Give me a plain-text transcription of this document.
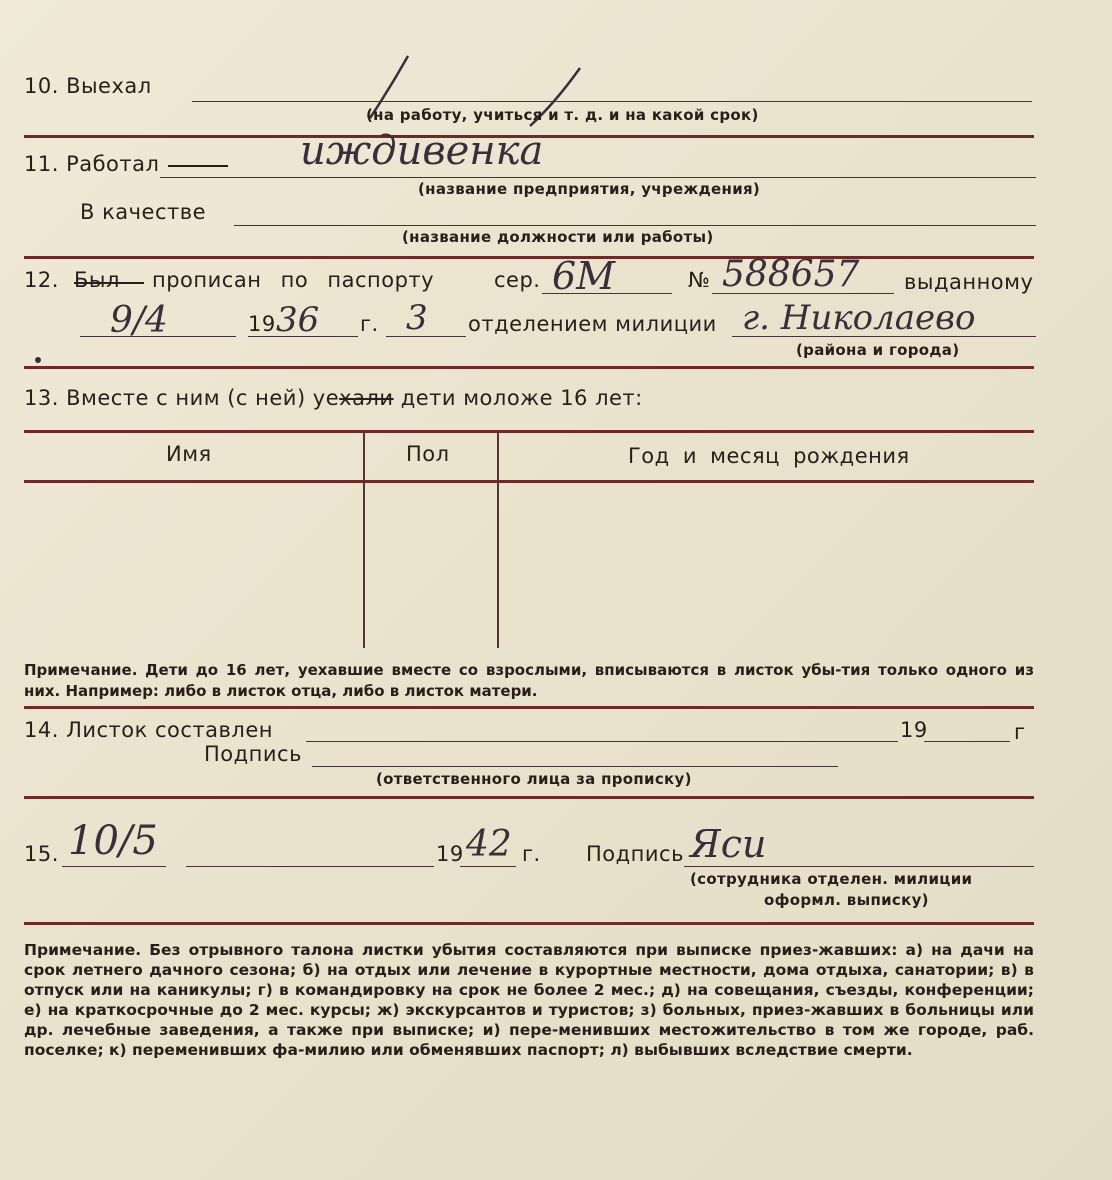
10. Выехал
(на работу, учиться и т. д. и на какой срок)
11. Работал	иждивенка
(название предприятия, учреждения)
В качестве
(название должности или работы)
12. Был прописан по паспорту	сер. 6M	№ 588657 выданному
9/4	19 36 г. 3 отделением милиции г. Николаево
(района и города)
13. Вместе с ним (с ней) уехали дети моложе 16 лет:
Имя	Пол	Год и месяц рождения
Примечание. Дети до 16 лет, уехавшие вместе со взрослыми, вписываются в листок убы-тия только одного из них. Например: либо в листок отца, либо в листок матери.
14. Листок составлен	19	г
Подпись
(ответственного лица за прописку)
15. 10/5	19 42 г. Подпись Яси
(сотрудника отделен. милиции
оформл. выписку)
Примечание. Без отрывного талона листки убытия составляются при выписке приез-жавших: а) на дачи на срок летнего дачного сезона; б) на отдых или лечение в курортные местности, дома отдыха, санатории; в) в отпуск или на каникулы; г) в командировку на срок не более 2 мес.; д) на совещания, съезды, конференции; е) на краткосрочные до 2 мес. курсы; ж) экскурсантов и туристов; з) больных, приез-жавших в больницы или др. лечебные заведения, а также при выписке; и) пере-менивших местожительство в том же городе, раб. поселке; к) переменивших фа-милию или обменявших паспорт; л) выбывших вследствие смерти.
